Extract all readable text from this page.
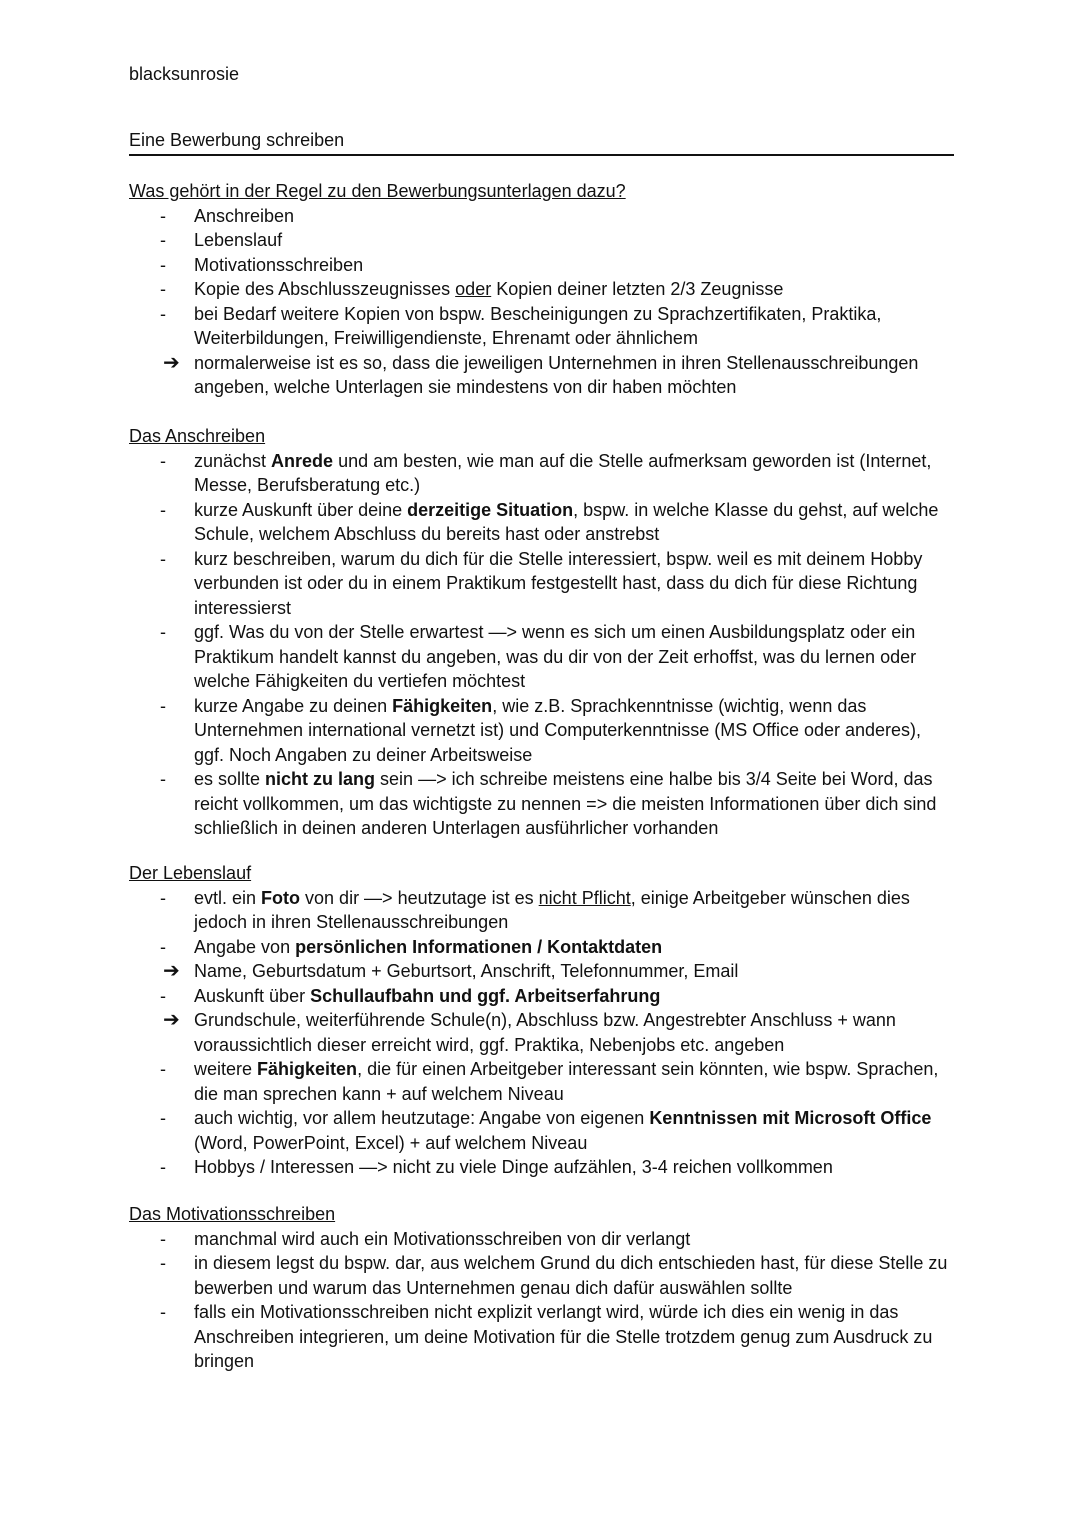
blacksunrosie
Eine Bewerbung schreiben
Was gehört in der Regel zu den Bewerbungsunterlagen dazu?
-	Anschreiben
-	Lebenslauf
-	Motivationsschreiben
-	Kopie des Abschlusszeugnisses oder Kopien deiner letzten 2/3 Zeugnisse
-	bei Bedarf weitere Kopien von bspw. Bescheinigungen zu Sprachzertifikaten, Praktika, Weiterbildungen, Freiwilligendienste, Ehrenamt oder ähnlichem
➔ normalerweise ist es so, dass die jeweiligen Unternehmen in ihren Stellenausschreibungen angeben, welche Unterlagen sie mindestens von dir haben möchten
Das Anschreiben
-	zunächst Anrede und am besten, wie man auf die Stelle aufmerksam geworden ist (Internet, Messe, Berufsberatung etc.)
-	kurze Auskunft über deine derzeitige Situation, bspw. in welche Klasse du gehst, auf welche Schule, welchem Abschluss du bereits hast oder anstrebst
-	kurz beschreiben, warum du dich für die Stelle interessiert, bspw. weil es mit deinem Hobby verbunden ist oder du in einem Praktikum festgestellt hast, dass du dich für diese Richtung interessierst
-	ggf. Was du von der Stelle erwartest —> wenn es sich um einen Ausbildungsplatz oder ein Praktikum handelt kannst du angeben, was du dir von der Zeit erhoffst, was du lernen oder welche Fähigkeiten du vertiefen möchtest
-	kurze Angabe zu deinen Fähigkeiten, wie z.B. Sprachkenntnisse (wichtig, wenn das Unternehmen international vernetzt ist) und Computerkenntnisse (MS Office oder anderes), ggf. Noch Angaben zu deiner Arbeitsweise
-	es sollte nicht zu lang sein —> ich schreibe meistens eine halbe bis 3/4 Seite bei Word, das reicht vollkommen, um das wichtigste zu nennen => die meisten Informationen über dich sind schließlich in deinen anderen Unterlagen ausführlicher vorhanden
Der Lebenslauf
-	evtl. ein Foto von dir —> heutzutage ist es nicht Pflicht, einige Arbeitgeber wünschen dies jedoch in ihren Stellenausschreibungen
-	Angabe von persönlichen Informationen / Kontaktdaten
➔ Name, Geburtsdatum + Geburtsort, Anschrift, Telefonnummer, Email
-	Auskunft über Schullaufbahn und ggf. Arbeitserfahrung
➔ Grundschule, weiterführende Schule(n), Abschluss bzw. Angestrebter Anschluss + wann voraussichtlich dieser erreicht wird, ggf. Praktika, Nebenjobs etc. angeben
-	weitere Fähigkeiten, die für einen Arbeitgeber interessant sein könnten, wie bspw. Sprachen, die man sprechen kann + auf welchem Niveau
-	auch wichtig, vor allem heutzutage: Angabe von eigenen Kenntnissen mit Microsoft Office (Word, PowerPoint, Excel) + auf welchem Niveau
-	Hobbys / Interessen —> nicht zu viele Dinge aufzählen, 3-4 reichen vollkommen
Das Motivationsschreiben
-	manchmal wird auch ein Motivationsschreiben von dir verlangt
-	in diesem legst du bspw. dar, aus welchem Grund du dich entschieden hast, für diese Stelle zu bewerben und warum das Unternehmen genau dich dafür auswählen sollte
-	falls ein Motivationsschreiben nicht explizit verlangt wird, würde ich dies ein wenig in das Anschreiben integrieren, um deine Motivation für die Stelle trotzdem genug zum Ausdruck zu bringen
